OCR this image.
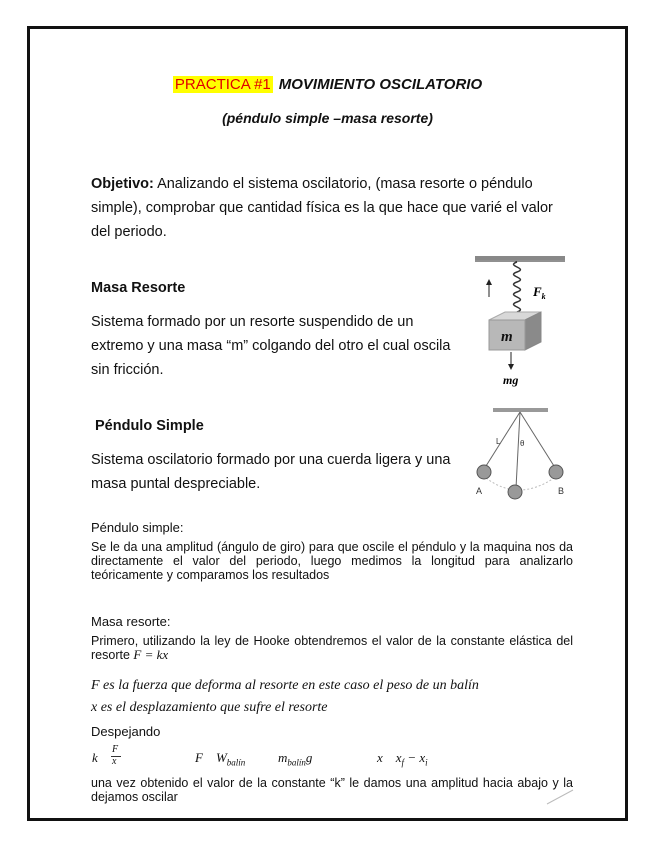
PRACTICA #1 MOVIMIENTO OSCILATORIO
(péndulo simple –masa resorte)
Objetivo: Analizando el sistema oscilatorio, (masa resorte o péndulo simple), comprobar que cantidad física es la que hace que varié el valor del periodo.
Masa Resorte
Sistema formado por un resorte suspendido de un extremo y una masa “m” colgando del otro el cual oscila sin fricción.
$F_k$
m
mg
Péndulo Simple
Sistema oscilatorio formado por una cuerda ligera y una masa puntal despreciable.
L θ
A	B
Péndulo simple:
Se le da una amplitud (ángulo de giro) para que oscile el péndulo y la maquina nos da directamente el valor del periodo, luego medimos la longitud para analizarlo teóricamente y comparamos los resultados
Masa resorte:
Primero, utilizando la ley de Hooke obtendremos el valor de la constante elástica del resorte F = kx
F es la fuerza que deforma al resorte en este caso el peso de un balín
x es el desplazamiento que sufre el resorte
Despejando
k
F
x	F    $W_{balín}$	$m_{balín}g$	x    $x_f - x_i$
una vez obtenido el valor de la constante “k” le damos una amplitud hacia abajo y la dejamos oscilar
